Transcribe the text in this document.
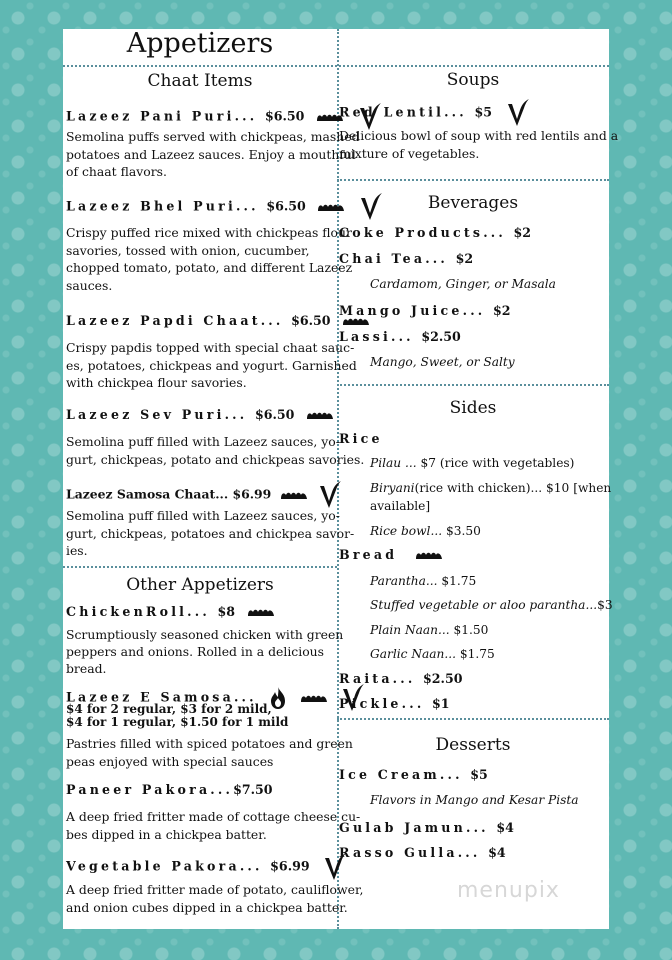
Appetizers
Chaat Items
Lazeez Pani Puri... $6.50
Semolina puffs served with chickpeas, mashed
potatoes and Lazeez sauces. Enjoy a mouthful
of chaat flavors.
Lazeez Bhel Puri... $6.50
Crispy puffed rice mixed with chickpeas flour
savories, tossed with onion, cucumber,
chopped tomato, potato, and different Lazeez
sauces.
Lazeez Papdi Chaat... $6.50
Crispy papdis topped with special chaat sauc-
es, potatoes, chickpeas and yogurt. Garnished
with chickpea flour savories.
Lazeez Sev Puri... $6.50
Semolina puff filled with Lazeez sauces, yo-
gurt, chickpeas, potato and chickpeas savories.
Lazeez Samosa Chaat... $6.99
Semolina puff filled with Lazeez sauces, yo-
gurt, chickpeas, potatoes and chickpea savor-
ies.
Other Appetizers
ChickenRoll... $8
Scrumptiously seasoned chicken with green
peppers and onions. Rolled in a delicious
bread.
Lazeez E Samosa...
$4 for 2 regular, $3 for 2 mild,
$4 for 1 regular, $1.50 for 1 mild
Pastries filled with spiced potatoes and green
peas enjoyed with special sauces
Paneer Pakora...$7.50
A deep fried fritter made of cottage cheese cu-
bes dipped in a chickpea batter.
Vegetable Pakora... $6.99
A deep fried fritter made of potato, cauliflower,
and onion cubes dipped in a chickpea batter.
Soups
Red Lentil... $5
Delicious bowl of soup with red lentils and a
mixture of vegetables.
Beverages
Coke Products... $2
Chai Tea... $2
Cardamom, Ginger, or Masala
Mango Juice... $2
Lassi... $2.50
Mango, Sweet, or Salty
Sides
Rice
Pilau ... $7 (rice with vegetables)
Biryani(rice with chicken)... $10 [when
available]
Rice bowl... $3.50
Bread
Parantha... $1.75
Stuffed vegetable or aloo parantha...$3
Plain Naan... $1.50
Garlic Naan... $1.75
Raita... $2.50
Pickle... $1
Desserts
Ice Cream... $5
Flavors in Mango and Kesar Pista
Gulab Jamun... $4
Rasso Gulla... $4
menupix
